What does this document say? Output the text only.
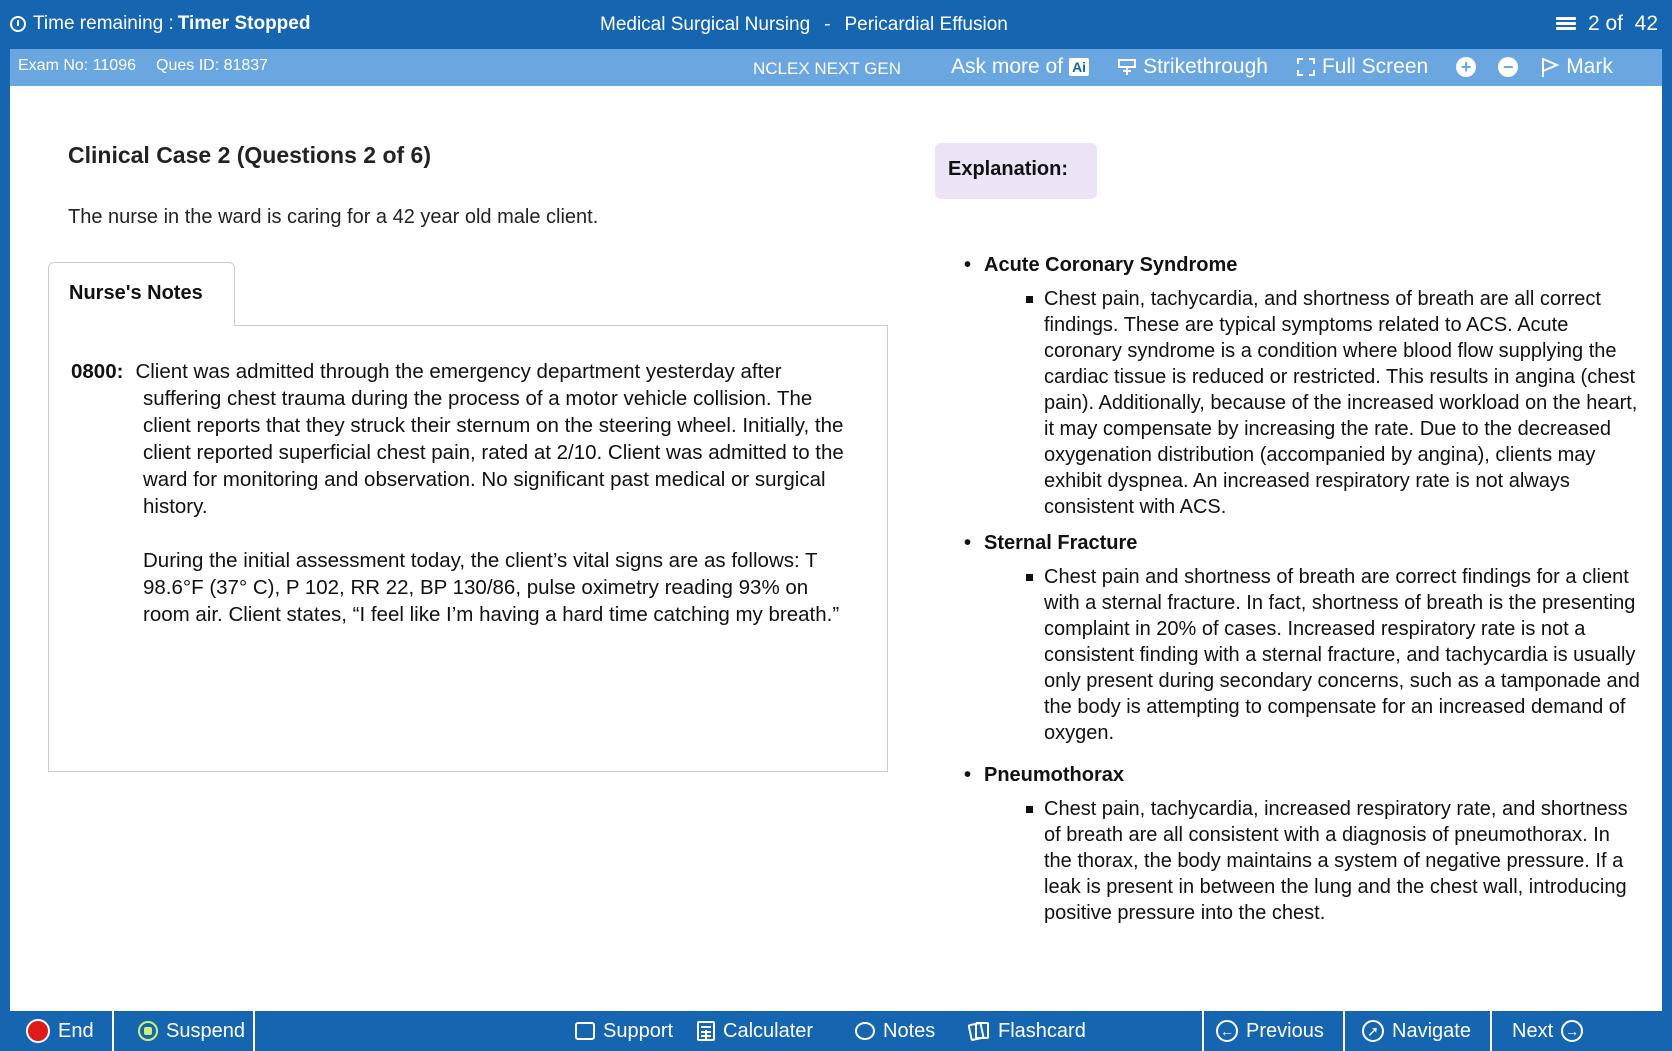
Time remaining : Timer Stopped	Medical Surgical Nursing - Pericardial Effusion	2 of  42
Exam No: 11096 Ques ID: 81837	NCLEX NEXT GEN Ask more of Ai	Strikethrough	Full Screen + −	Mark
Clinical Case 2 (Questions 2 of 6)
The nurse in the ward is caring for a 42 year old male client.
Nurse's Notes
0800: Client was admitted through the emergency department yesterday after suffering chest trauma during the process of a motor vehicle collision. The client reports that they struck their sternum on the steering wheel. Initially, the client reported superficial chest pain, rated at 2/10. Client was admitted to the ward for monitoring and observation. No significant past medical or surgical history.
During the initial assessment today, the client’s vital signs are as follows: T 98.6°F (37° C), P 102, RR 22, BP 130/86, pulse oximetry reading 93% on room air. Client states, “I feel like I’m having a hard time catching my breath.”
Explanation:
• Acute Coronary Syndrome
Chest pain, tachycardia, and shortness of breath are all correct findings. These are typical symptoms related to ACS. Acute coronary syndrome is a condition where blood flow supplying the cardiac tissue is reduced or restricted. This results in angina (chest pain). Additionally, because of the increased workload on the heart, it may compensate by increasing the rate. Due to the decreased oxygenation distribution (accompanied by angina), clients may exhibit dyspnea. An increased respiratory rate is not always consistent with ACS.
• Sternal Fracture
Chest pain and shortness of breath are correct findings for a client with a sternal fracture. In fact, shortness of breath is the presenting complaint in 20% of cases. Increased respiratory rate is not a consistent finding with a sternal fracture, and tachycardia is usually only present during secondary concerns, such as a tamponade and the body is attempting to compensate for an increased demand of oxygen.
• Pneumothorax
Chest pain, tachycardia, increased respiratory rate, and shortness of breath are all consistent with a diagnosis of pneumothorax. In the thorax, the body maintains a system of negative pressure. If a leak is present in between the lung and the chest wall, introducing positive pressure into the chest.
End	Suspend	Support Calculater	Notes	Flashcard	← Previous	➚ Navigate Next →
